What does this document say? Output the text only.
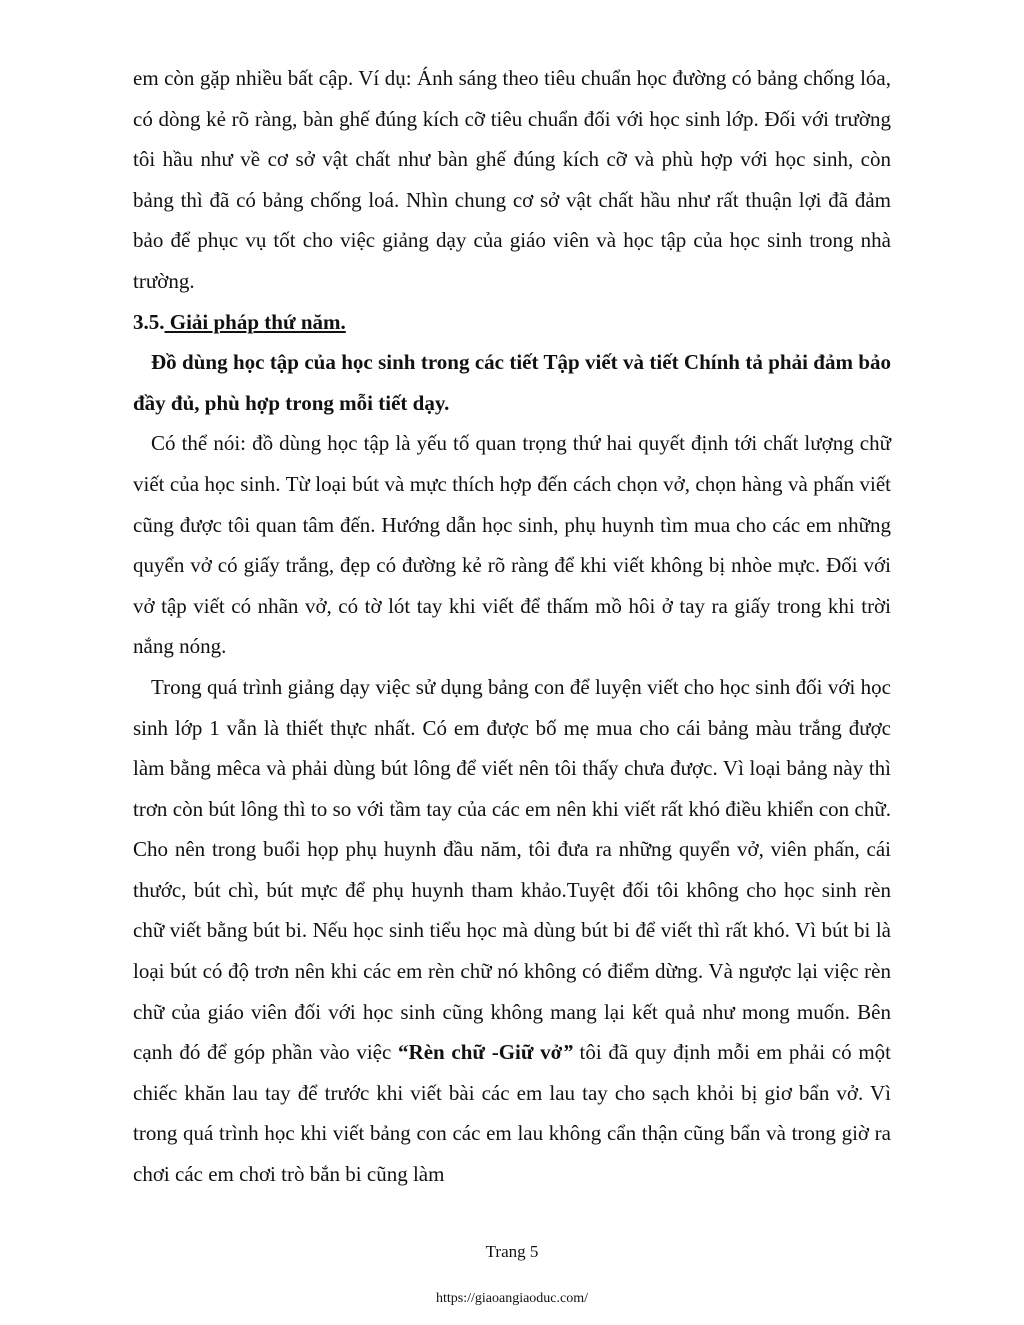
em còn gặp nhiều bất cập. Ví dụ: Ánh sáng theo tiêu chuẩn học đường có bảng chống lóa, có dòng kẻ rõ ràng, bàn ghế đúng kích cỡ tiêu chuẩn đối với học sinh lớp. Đối với trường tôi hầu như về cơ sở vật chất như bàn ghế đúng kích cỡ và phù hợp với học sinh, còn bảng thì đã có bảng chống loá. Nhìn chung cơ sở vật chất hầu như rất thuận lợi đã đảm bảo để phục vụ tốt cho việc giảng dạy của giáo viên và học tập của học sinh trong nhà trường.

3.5. Giải pháp thứ năm.

Đồ dùng học tập của học sinh trong các tiết Tập viết và tiết Chính tả phải đảm bảo đầy đủ, phù hợp trong mỗi tiết dạy.

Có thể nói: đồ dùng học tập là yếu tố quan trọng thứ hai quyết định tới chất lượng chữ viết của học sinh. Từ loại bút và mực thích hợp đến cách chọn vở, chọn hàng và phấn viết cũng được tôi quan tâm đến. Hướng dẫn học sinh, phụ huynh tìm mua cho các em những quyển vở có giấy trắng, đẹp có đường kẻ rõ ràng để khi viết không bị nhòe mực. Đối với vở tập viết có nhãn vở, có tờ lót tay khi viết để thấm mồ hôi ở tay ra giấy trong khi trời nắng nóng.

Trong quá trình giảng dạy việc sử dụng bảng con để luyện viết cho học sinh đối với học sinh lớp 1 vẫn là thiết thực nhất. Có em được bố mẹ mua cho cái bảng màu trắng được làm bằng mêca và phải dùng bút lông để viết nên tôi thấy chưa được. Vì loại bảng này thì trơn còn bút lông thì to so với tầm tay của các em nên khi viết rất khó điều khiển con chữ. Cho nên trong buổi họp phụ huynh đầu năm, tôi đưa ra những quyển vở, viên phấn, cái thước, bút chì, bút mực để phụ huynh tham khảo.Tuyệt đối tôi không cho học sinh rèn chữ viết bằng bút bi. Nếu học sinh tiểu học mà dùng bút bi để viết thì rất khó. Vì bút bi là loại bút có độ trơn nên khi các em rèn chữ nó không có điểm dừng. Và ngược lại việc rèn chữ của giáo viên đối với học sinh cũng không mang lại kết quả như mong muốn. Bên cạnh đó để góp phần vào việc “Rèn chữ -Giữ vở” tôi đã quy định mỗi em phải có một chiếc khăn lau tay để trước khi viết bài các em lau tay cho sạch khỏi bị giơ bẩn vở. Vì trong quá trình học khi viết bảng con các em lau không cẩn thận cũng bẩn và trong giờ ra chơi các em chơi trò bắn bi cũng làm

Trang 5
https://giaoangiaoduc.com/
